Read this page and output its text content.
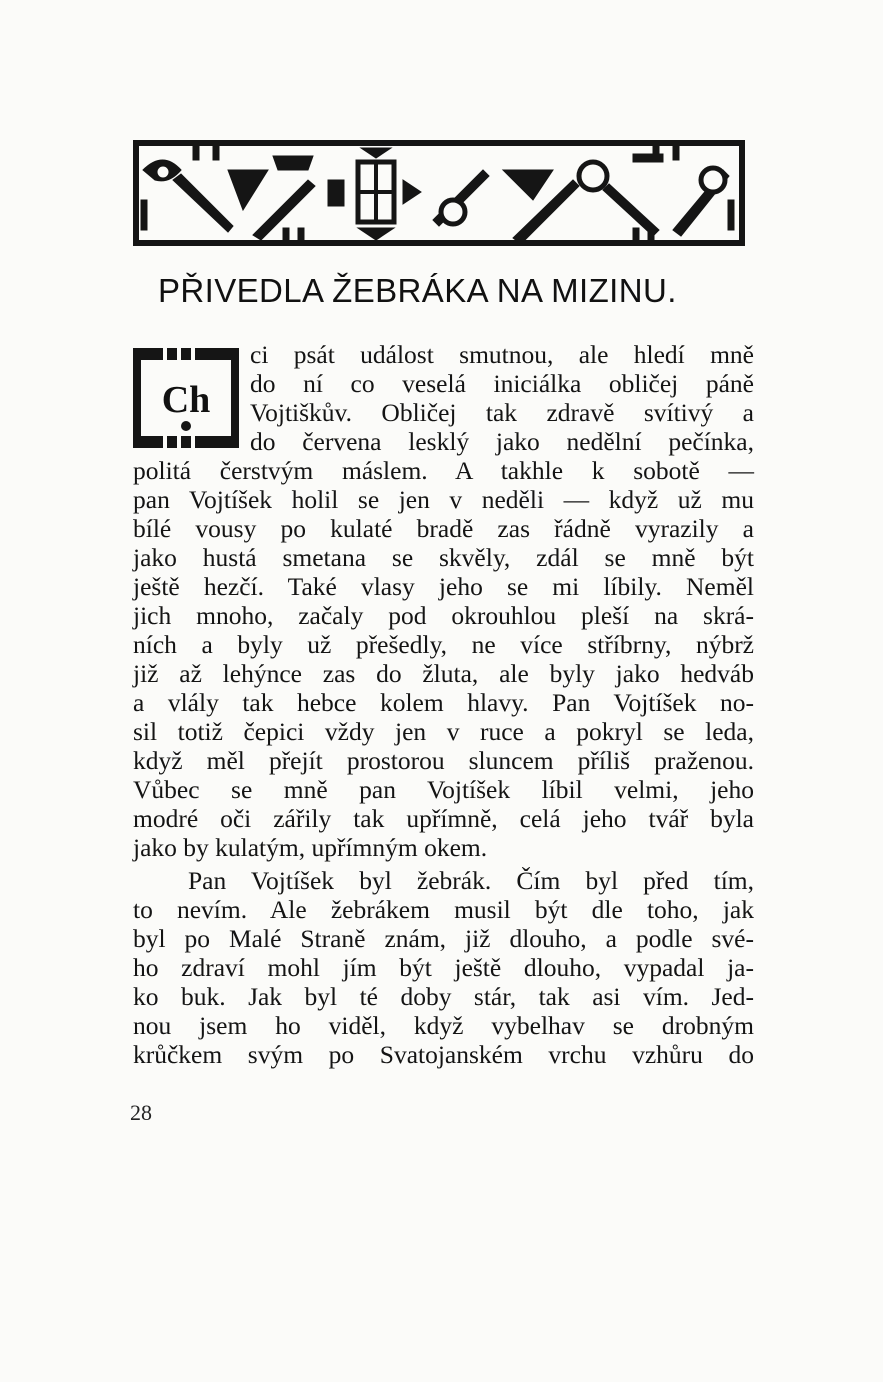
PŘIVEDLA ŽEBRÁKA NA MIZINU.
Ch
ci psát událost smutnou, ale hledí mně
do ní co veselá iniciálka obličej páně
Vojtiškův. Obličej tak zdravě svítivý a
do červena lesklý jako nedělní pečínka,
politá čerstvým máslem. A takhle k sobotě —
pan Vojtíšek holil se jen v neděli — když už mu
bílé vousy po kulaté bradě zas řádně vyrazily a
jako hustá smetana se skvěly, zdál se mně být
ještě hezčí. Také vlasy jeho se mi líbily. Neměl
jich mnoho, začaly pod okrouhlou pleší na skrá-
ních a byly už přešedly, ne více stříbrny, nýbrž
již až lehýnce zas do žluta, ale byly jako hedváb
a vlály tak hebce kolem hlavy. Pan Vojtíšek no-
sil totiž čepici vždy jen v ruce a pokryl se leda,
když měl přejít prostorou sluncem příliš praženou.
Vůbec se mně pan Vojtíšek líbil velmi, jeho
modré oči zářily tak upřímně, celá jeho tvář byla
jako by kulatým, upřímným okem.
Pan Vojtíšek byl žebrák. Čím byl před tím,
to nevím. Ale žebrákem musil být dle toho, jak
byl po Malé Straně znám, již dlouho, a podle své-
ho zdraví mohl jím být ještě dlouho, vypadal ja-
ko buk. Jak byl té doby stár, tak asi vím. Jed-
nou jsem ho viděl, když vybelhav se drobným
krůčkem svým po Svatojanském vrchu vzhůru do
28
